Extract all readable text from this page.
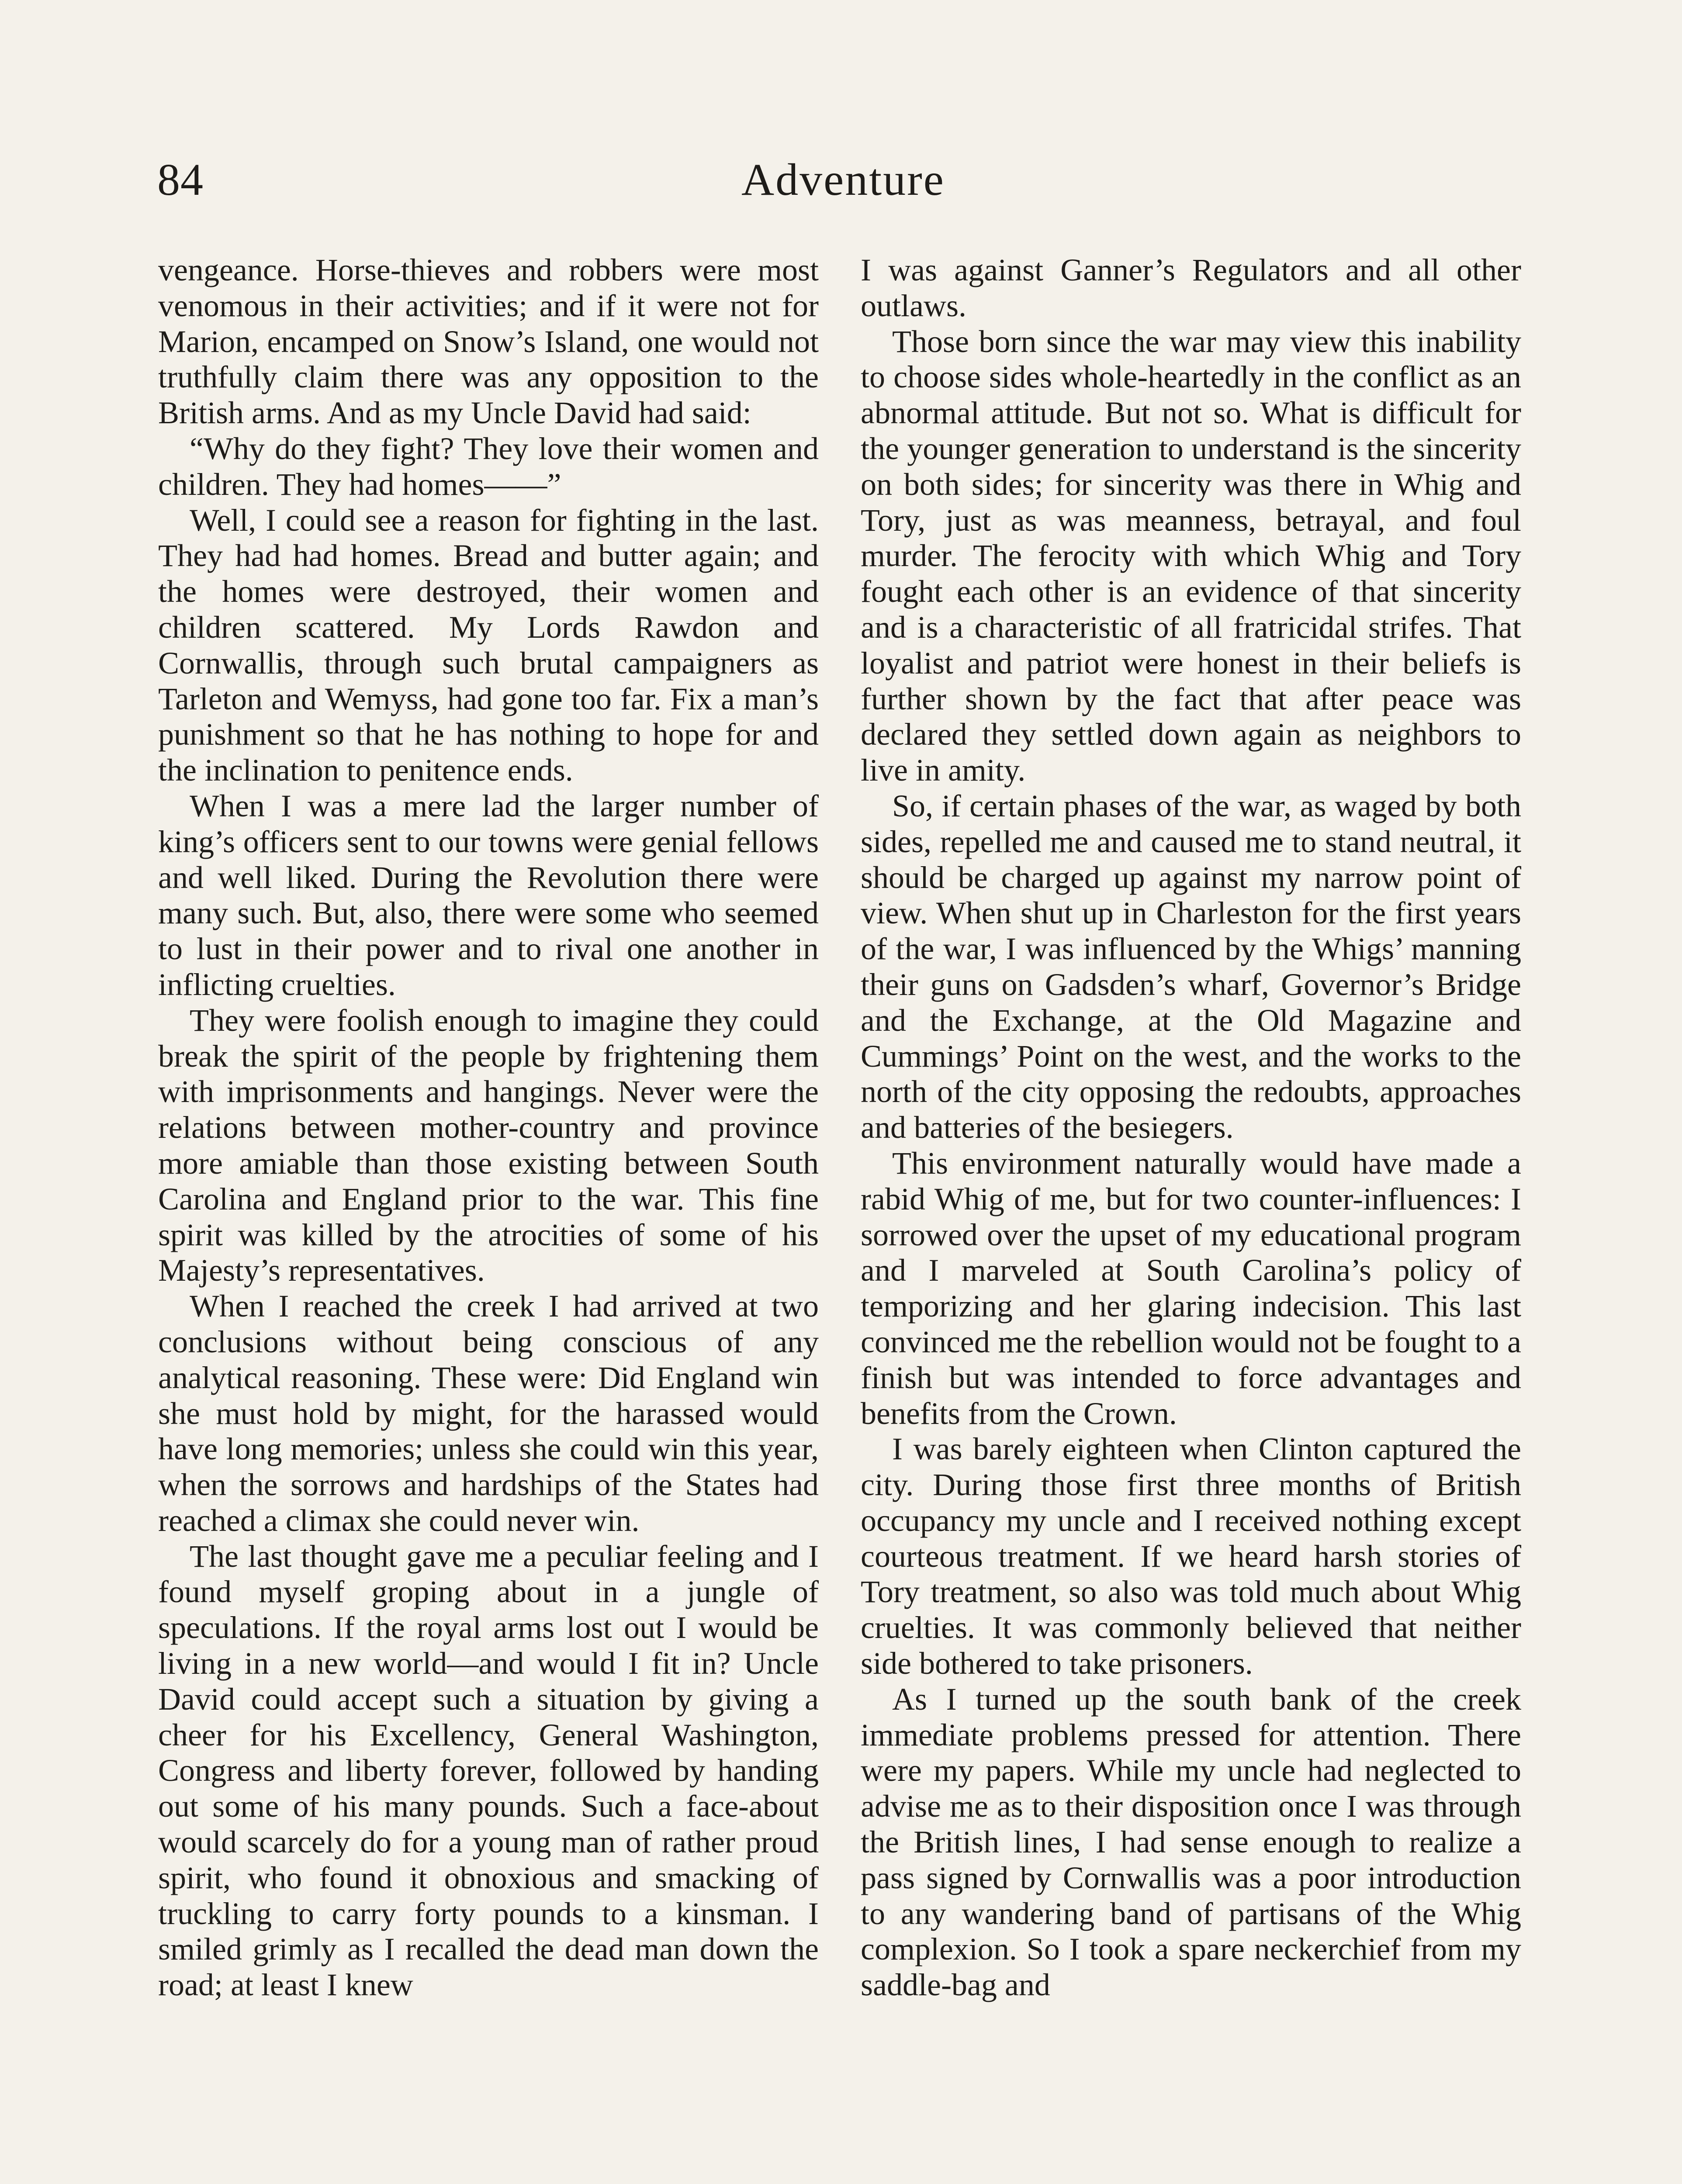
84	Adventure

vengeance. Horse-thieves and robbers were most venomous in their activities; and if it were not for Marion, encamped on Snow’s Island, one would not truthfully claim there was any opposition to the British arms. And as my Uncle David had said:

“Why do they fight? They love their women and children. They had homes——”

Well, I could see a reason for fighting in the last. They had had homes. Bread and butter again; and the homes were destroyed, their women and children scattered. My Lords Rawdon and Cornwallis, through such brutal campaigners as Tarleton and Wemyss, had gone too far. Fix a man’s punishment so that he has nothing to hope for and the inclination to penitence ends.

When I was a mere lad the larger number of king’s officers sent to our towns were genial fellows and well liked. During the Revolution there were many such. But, also, there were some who seemed to lust in their power and to rival one another in inflicting cruelties.

They were foolish enough to imagine they could break the spirit of the people by frightening them with imprisonments and hangings. Never were the relations between mother-country and province more amiable than those existing between South Carolina and England prior to the war. This fine spirit was killed by the atrocities of some of his Majesty’s representatives.

When I reached the creek I had arrived at two conclusions without being conscious of any analytical reasoning. These were: Did England win she must hold by might, for the harassed would have long memories; unless she could win this year, when the sorrows and hardships of the States had reached a climax she could never win.

The last thought gave me a peculiar feeling and I found myself groping about in a jungle of speculations. If the royal arms lost out I would be living in a new world—and would I fit in? Uncle David could accept such a situation by giving a cheer for his Excellency, General Washington, Congress and liberty forever, followed by handing out some of his many pounds. Such a face-about would scarcely do for a young man of rather proud spirit, who found it obnoxious and smacking of truckling to carry forty pounds to a kinsman. I smiled grimly as I recalled the dead man down the road; at least I knew

I was against Ganner’s Regulators and all other outlaws.

Those born since the war may view this inability to choose sides whole-heartedly in the conflict as an abnormal attitude. But not so. What is difficult for the younger generation to understand is the sincerity on both sides; for sincerity was there in Whig and Tory, just as was meanness, betrayal, and foul murder. The ferocity with which Whig and Tory fought each other is an evidence of that sincerity and is a characteristic of all fratricidal strifes. That loyalist and patriot were honest in their beliefs is further shown by the fact that after peace was declared they settled down again as neighbors to live in amity.

So, if certain phases of the war, as waged by both sides, repelled me and caused me to stand neutral, it should be charged up against my narrow point of view. When shut up in Charleston for the first years of the war, I was influenced by the Whigs’ manning their guns on Gadsden’s wharf, Governor’s Bridge and the Exchange, at the Old Magazine and Cummings’ Point on the west, and the works to the north of the city opposing the redoubts, approaches and batteries of the besiegers.

This environment naturally would have made a rabid Whig of me, but for two counter-influences: I sorrowed over the upset of my educational program and I marveled at South Carolina’s policy of temporizing and her glaring indecision. This last convinced me the rebellion would not be fought to a finish but was intended to force advantages and benefits from the Crown.

I was barely eighteen when Clinton captured the city. During those first three months of British occupancy my uncle and I received nothing except courteous treatment. If we heard harsh stories of Tory treatment, so also was told much about Whig cruelties. It was commonly believed that neither side bothered to take prisoners.

As I turned up the south bank of the creek immediate problems pressed for attention. There were my papers. While my uncle had neglected to advise me as to their disposition once I was through the British lines, I had sense enough to realize a pass signed by Cornwallis was a poor introduction to any wandering band of partisans of the Whig complexion. So I took a spare neckerchief from my saddle-bag and
